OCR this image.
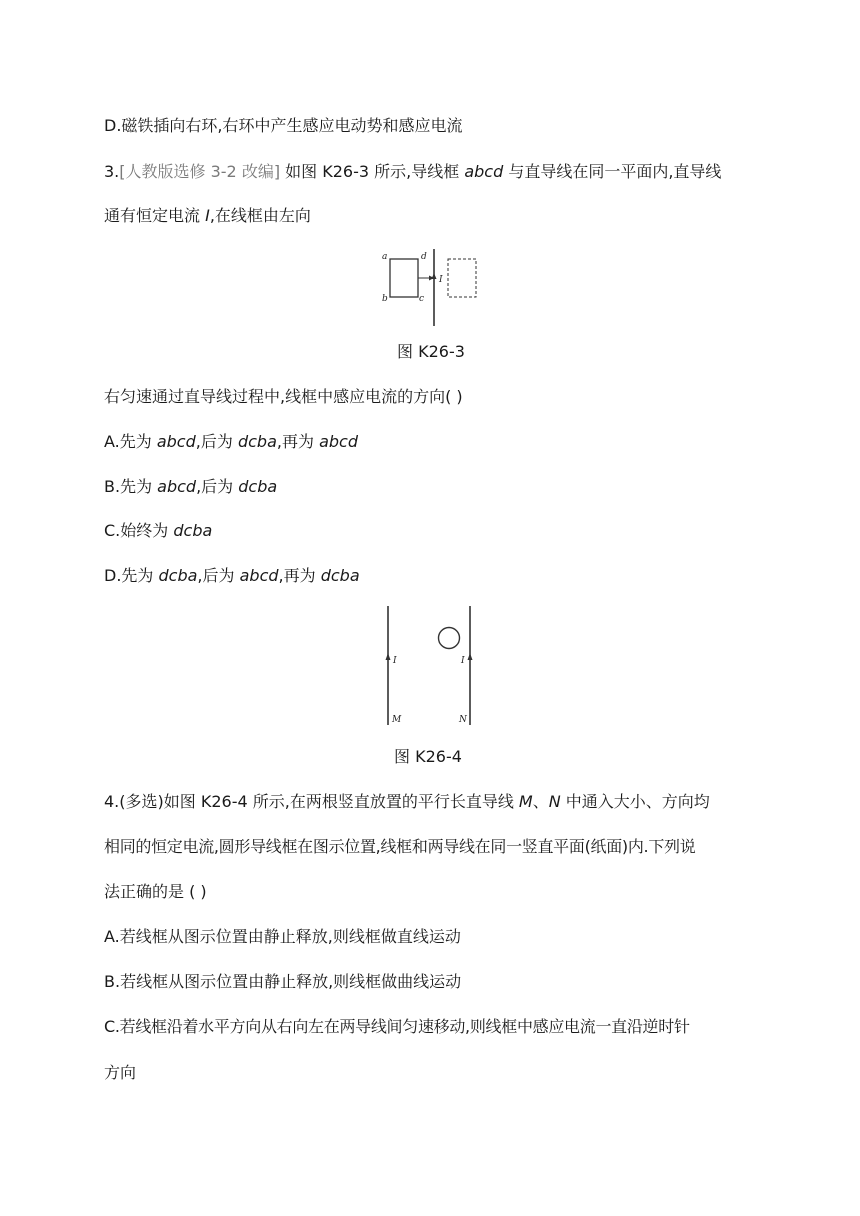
D.磁铁插向右环,右环中产生感应电动势和感应电流
3.[人教版选修 3-2 改编] 如图 K26-3 所示,导线框 abcd 与直导线在同一平面内,直导线
通有恒定电流 I,在线框由左向
a
b	c
d
I
图 K26-3
右匀速通过直导线过程中,线框中感应电流的方向( )
A.先为 abcd,后为 dcba,再为 abcd
B.先为 abcd,后为 dcba
C.始终为 dcba
D.先为 dcba,后为 abcd,再为 dcba
I	I
M	N
图 K26-4
4.(多选)如图 K26-4 所示,在两根竖直放置的平行长直导线 M、N 中通入大小、方向均
相同的恒定电流,圆形导线框在图示位置,线框和两导线在同一竖直平面(纸面)内.下列说
法正确的是 ( )
A.若线框从图示位置由静止释放,则线框做直线运动
B.若线框从图示位置由静止释放,则线框做曲线运动
C.若线框沿着水平方向从右向左在两导线间匀速移动,则线框中感应电流一直沿逆时针
方向
